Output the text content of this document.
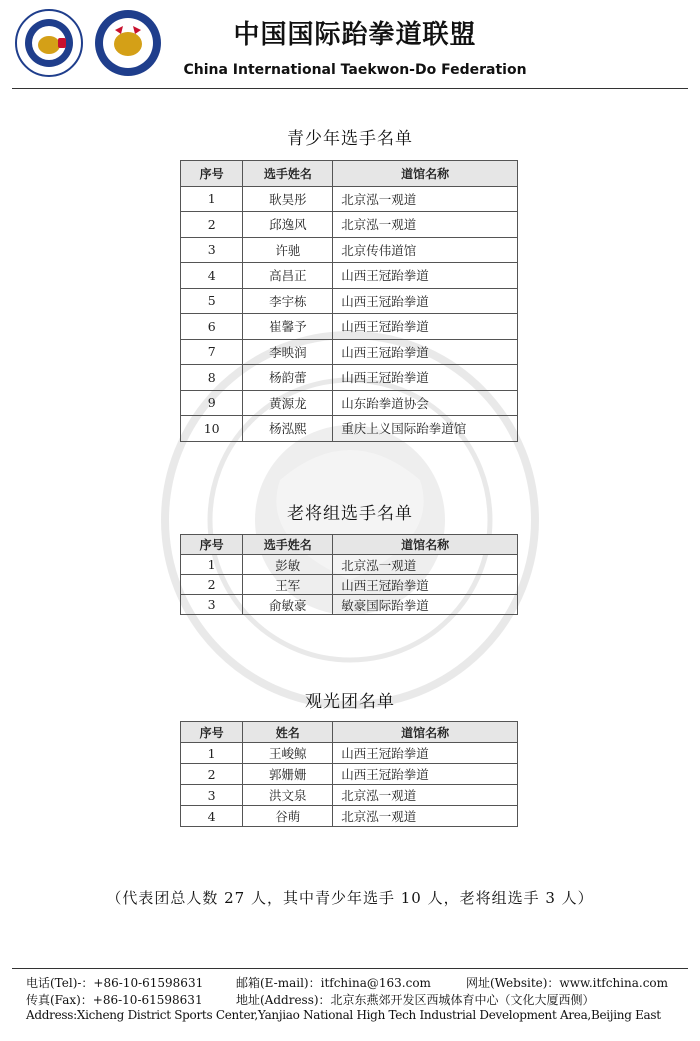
中国国际跆拳道联盟
China International Taekwon-Do Federation
青少年选手名单
序号	选手姓名	道馆名称
1	耿昊彤	北京泓一观道
2	邱逸风	北京泓一观道
3	许驰	北京传伟道馆
4	高昌正	山西王冠跆拳道
5	李宇栋	山西王冠跆拳道
6	崔馨予	山西王冠跆拳道
7	李映润	山西王冠跆拳道
8	杨韵蕾	山西王冠跆拳道
9	黄源龙	山东跆拳道协会
10	杨泓熙	重庆上义国际跆拳道馆
老将组选手名单
序号	选手姓名	道馆名称
1	彭敏	北京泓一观道
2	王军	山西王冠跆拳道
3	俞敏豪	敏豪国际跆拳道
观光团名单
序号	姓名	道馆名称
1	王峻鲸	山西王冠跆拳道
2	郭姗姗	山西王冠跆拳道
3	洪文泉	北京泓一观道
4	谷萌	北京泓一观道
（代表团总人数 27 人，其中青少年选手 10 人，老将组选手 3 人）
电话(Tel)-：+86-10-61598631	邮箱(E-mail)：itfchina@163.com	网址(Website)：www.itfchina.com
传真(Fax)：+86-10-61598631	地址(Address)：北京东燕郊开发区西城体育中心（文化大厦西侧）
Address:Xicheng District Sports Center,Yanjiao National High Tech Industrial Development Area,Beijing East
